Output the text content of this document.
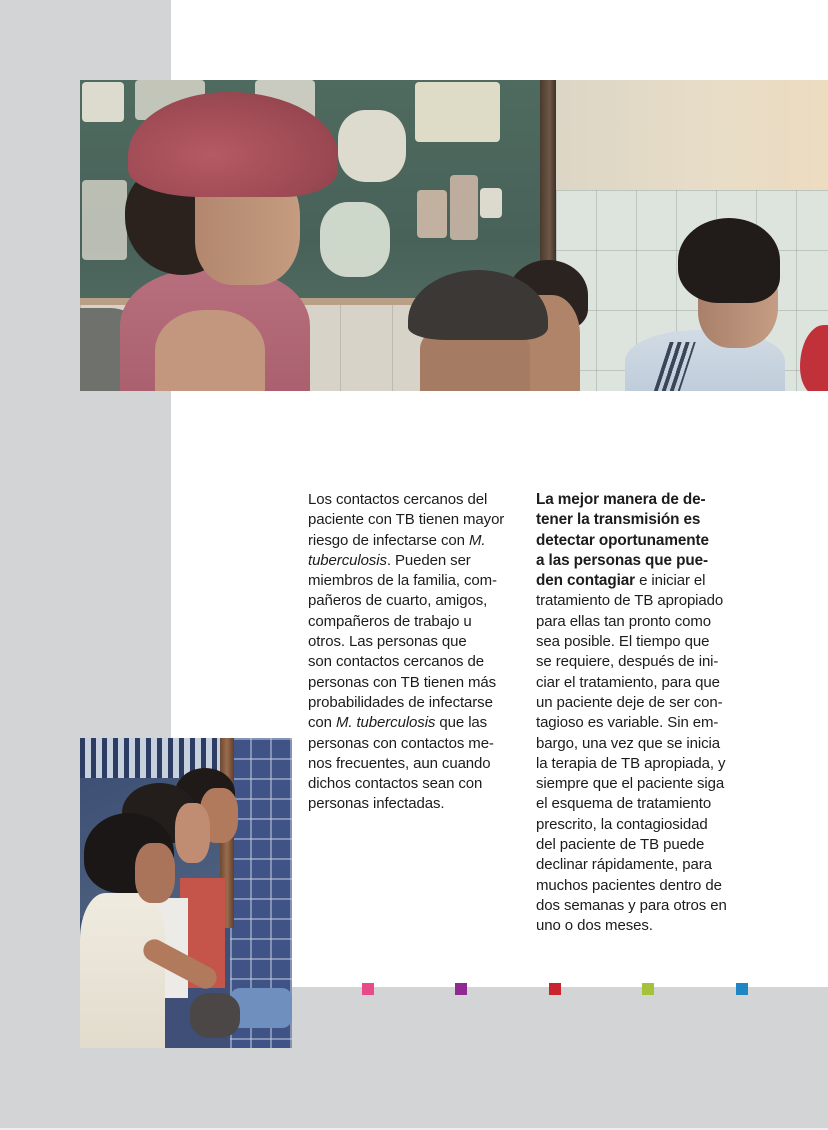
Los contactos cercanos del
paciente con TB tienen mayor
riesgo de infectarse con M.
tuberculosis. Pueden ser
miembros de la familia, com-
pañeros de cuarto, amigos,
compañeros de trabajo u
otros. Las personas que
son contactos cercanos de
personas con TB tienen más
probabilidades de infectarse
con M. tuberculosis que las
personas con contactos me-
nos frecuentes, aun cuando
dichos contactos sean con
personas infectadas.

La mejor manera de de-
tener la transmisión es
detectar oportunamente
a las personas que pue-
den contagiar e iniciar el
tratamiento de TB apropiado
para ellas tan pronto como
sea posible. El tiempo que
se requiere, después de ini-
ciar el tratamiento, para que
un paciente deje de ser con-
tagioso es variable. Sin em-
bargo, una vez que se inicia
la terapia de TB apropiada, y
siempre que el paciente siga
el esquema de tratamiento
prescrito, la contagiosidad
del paciente de TB puede
declinar rápidamente, para
muchos pacientes dentro de
dos semanas y para otros en
uno o dos meses.
